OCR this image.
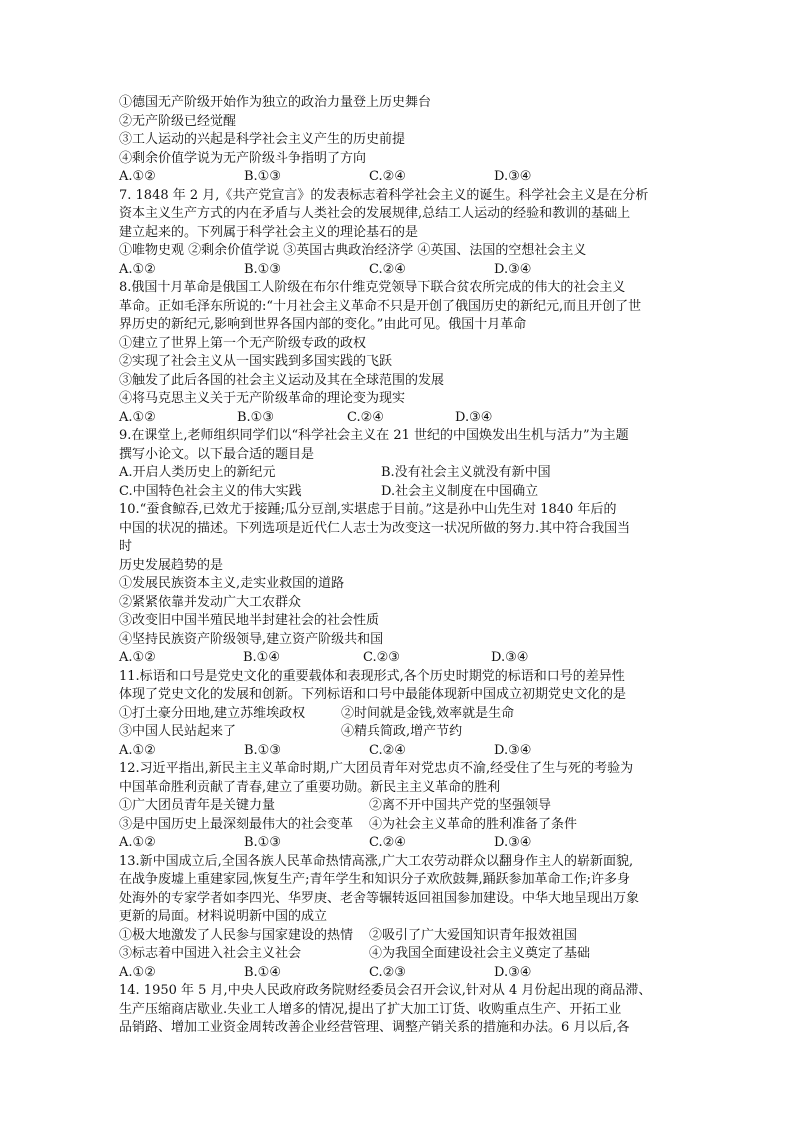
①德国无产阶级开始作为独立的政治力量登上历史舞台
②无产阶级已经觉醒
③工人运动的兴起是科学社会主义产生的历史前提
④剩余价值学说为无产阶级斗争指明了方向
A.①②	B.①③	C.②④	D.③④
7. 1848 年 2 月,《共产党宣言》的发表标志着科学社会主义的诞生。科学社会主义是在分析
资本主义生产方式的内在矛盾与人类社会的发展规律,总结工人运动的经验和教训的基础上
建立起来的。下列属于科学社会主义的理论基石的是
①唯物史观 ②剩余价值学说 ③英国古典政治经济学 ④英国、法国的空想社会主义
A.①②	B.①③	C.②④	D.③④
8.俄国十月革命是俄国工人阶级在布尔什维克党领导下联合贫农所完成的伟大的社会主义
革命。正如毛泽东所说的:“十月社会主义革命不只是开创了俄国历史的新纪元,而且开创了世
界历史的新纪元,影响到世界各国内部的变化。”由此可见。俄国十月革命
①建立了世界上第一个无产阶级专政的政权
②实现了社会主义从一国实践到多国实践的飞跃
③触发了此后各国的社会主义运动及其在全球范围的发展
④将马克思主义关于无产阶级革命的理论变为现实
A.①②	B.①③	C.②④	D.③④
9.在课堂上,老师组织同学们以“科学社会主义在 21 世纪的中国焕发出生机与活力”为主题
撰写小论文。以下最合适的题目是
A.开启人类历史上的新纪元	B.没有社会主义就没有新中国
C.中国特色社会主义的伟大实践	D.社会主义制度在中国确立
10.“蚕食鲸吞,已效尤于接踵;瓜分豆剖,实堪虑于目前。”这是孙中山先生对 1840 年后的
中国的状况的描述。下列选项是近代仁人志士为改变这一状况所做的努力.其中符合我国当
时
历史发展趋势的是
①发展民族资本主义,走实业救国的道路
②紧紧依靠并发动广大工农群众
③改变旧中国半殖民地半封建社会的社会性质
④坚持民族资产阶级领导,建立资产阶级共和国
A.①②	B.①④	C.②③	D.③④
11.标语和口号是党史文化的重要载体和表现形式,各个历史时期党的标语和口号的差异性
体现了党史文化的发展和创新。下列标语和口号中最能体现新中国成立初期党史文化的是
①打土豪分田地,建立苏维埃政权	②时间就是金钱,效率就是生命
③中国人民站起来了	④精兵简政,增产节约
A.①②	B.①③	C.②④	D.③④
12.习近平指出,新民主主义革命时期,广大团员青年对党忠贞不渝,经受住了生与死的考验为
中国革命胜利贡献了青春,建立了重要功勋。新民主主义革命的胜利
①广大团员青年是关键力量	②离不开中国共产党的坚强领导
③是中国历史上最深刻最伟大的社会变革	④为社会主义革命的胜利准备了条件
A.①②	B.①③	C.②④	D.③④
13.新中国成立后,全国各族人民革命热情高涨,广大工农劳动群众以翻身作主人的崭新面貌,
在战争废墟上重建家园,恢复生产;青年学生和知识分子欢欣鼓舞,踊跃参加革命工作;许多身
处海外的专家学者如李四光、华罗庚、老舍等辗转返回祖国参加建设。中华大地呈现出万象
更新的局面。材料说明新中国的成立
①极大地激发了人民参与国家建设的热情	②吸引了广大爱国知识青年报效祖国
③标志着中国进入社会主义社会	④为我国全面建设社会主义奠定了基础
A.①②	B.①④	C.②③	D.③④
14. 1950 年 5 月,中央人民政府政务院财经委员会召开会议,针对从 4 月份起出现的商品滞、
生产压缩商店歇业.失业工人增多的情况,提出了扩大加工订货、收购重点生产、开拓工业
品销路、增加工业资金周转改善企业经营管理、调整产销关系的措施和办法。6 月以后,各
